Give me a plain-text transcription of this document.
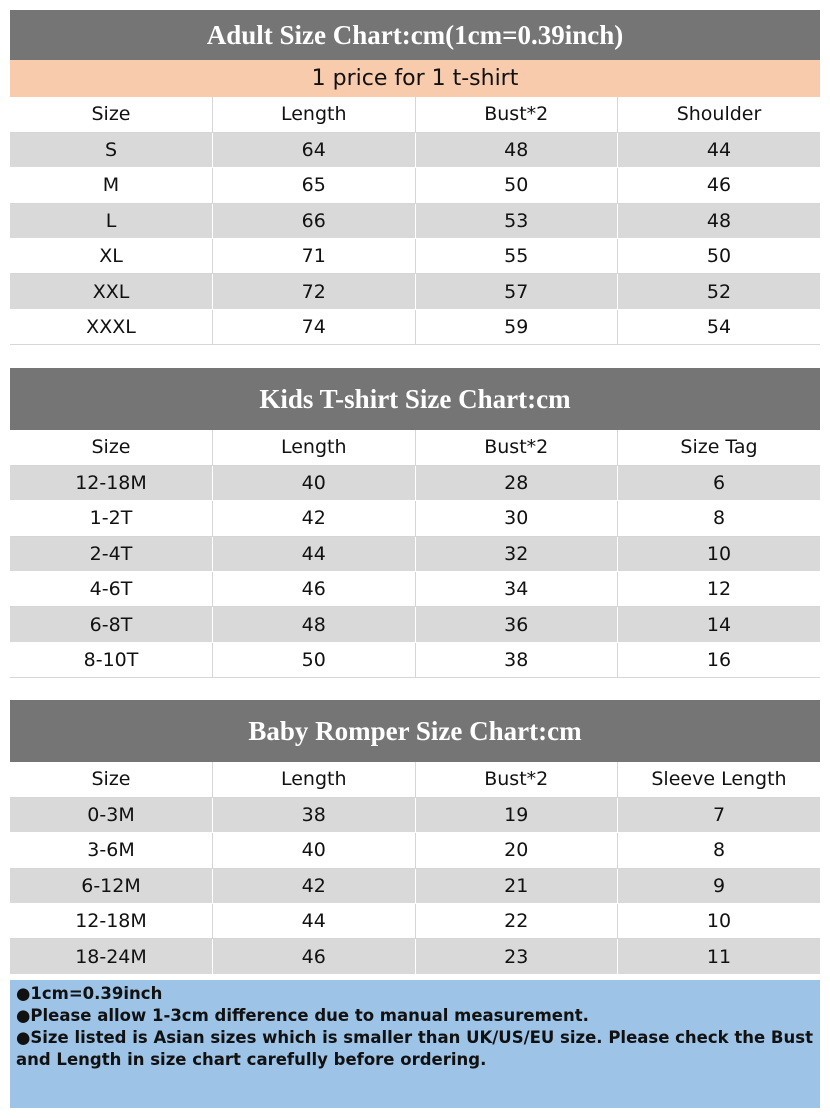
Adult Size Chart:cm(1cm=0.39inch)
1 price for 1 t-shirt
Size	Length	Bust*2	Shoulder
S	64	48	44
M	65	50	46
L	66	53	48
XL	71	55	50
XXL	72	57	52
XXXL	74	59	54
Kids T-shirt Size Chart:cm
Size	Length	Bust*2	Size Tag
12-18M	40	28	6
1-2T	42	30	8
2-4T	44	32	10
4-6T	46	34	12
6-8T	48	36	14
8-10T	50	38	16
Baby Romper Size Chart:cm
Size	Length	Bust*2	Sleeve Length
0-3M	38	19	7
3-6M	40	20	8
6-12M	42	21	9
12-18M	44	22	10
18-24M	46	23	11

●1cm=0.39inch

●Please allow 1-3cm difference due to manual measurement.

●Size listed is Asian sizes which is smaller than UK/US/EU size. Please check the Bust and Length in size chart carefully before ordering.
